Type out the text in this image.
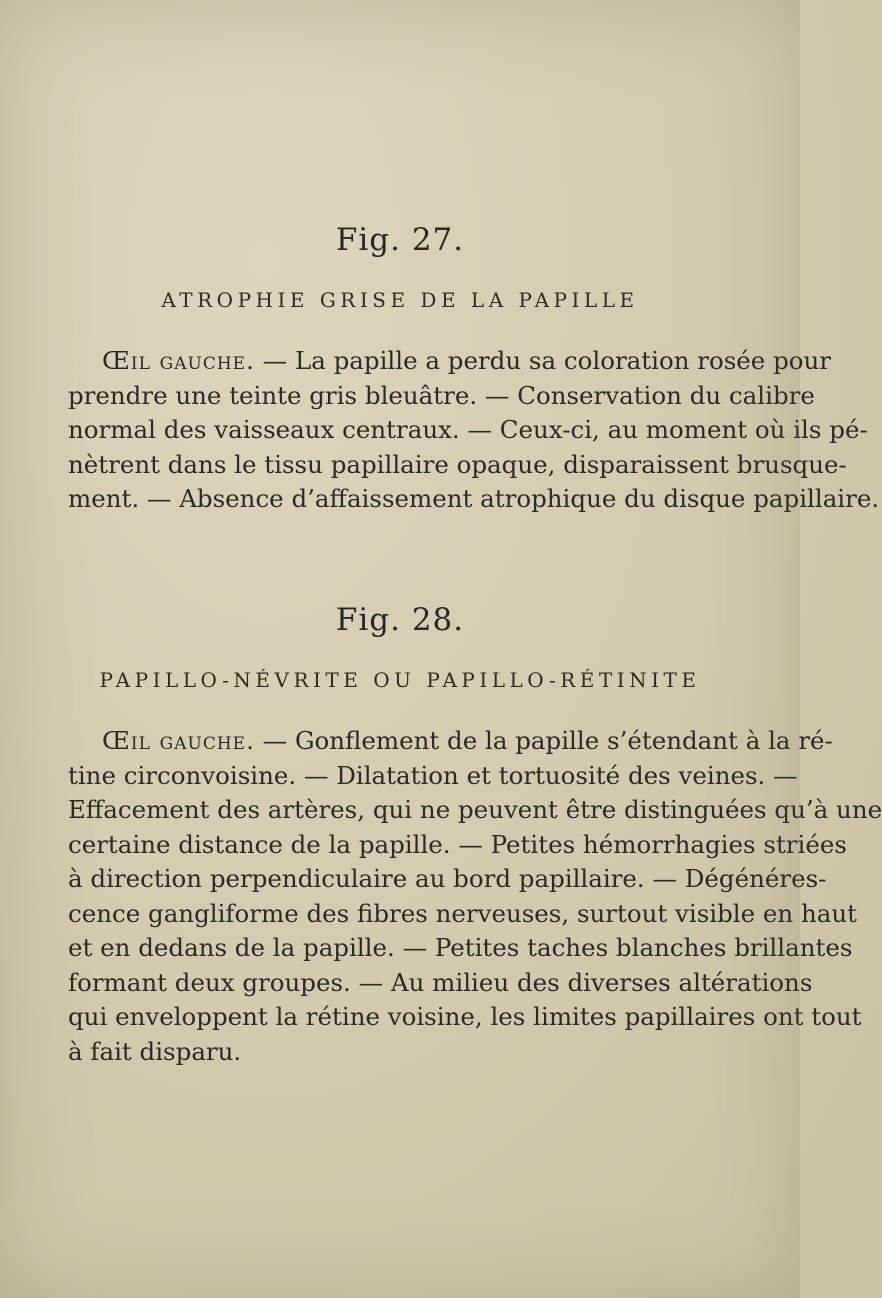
Fig. 27.
ATROPHIE GRISE DE LA PAPILLE
Œil gauche. — La papille a perdu sa coloration rosée pour
prendre une teinte gris bleuâtre. — Conservation du calibre
normal des vaisseaux centraux. — Ceux-ci, au moment où ils pé-
nètrent dans le tissu papillaire opaque, disparaissent brusque-
ment. — Absence d’affaissement atrophique du disque papillaire.
Fig. 28.
PAPILLO-NÉVRITE OU PAPILLO-RÉTINITE
Œil gauche. — Gonflement de la papille s’étendant à la ré-
tine circonvoisine. — Dilatation et tortuosité des veines. —
Effacement des artères, qui ne peuvent être distinguées qu’à une
certaine distance de la papille. — Petites hémorrhagies striées
à direction perpendiculaire au bord papillaire. — Dégénéres-
cence gangliforme des fibres nerveuses, surtout visible en haut
et en dedans de la papille. — Petites taches blanches brillantes
formant deux groupes. — Au milieu des diverses altérations
qui enveloppent la rétine voisine, les limites papillaires ont tout
à fait disparu.
